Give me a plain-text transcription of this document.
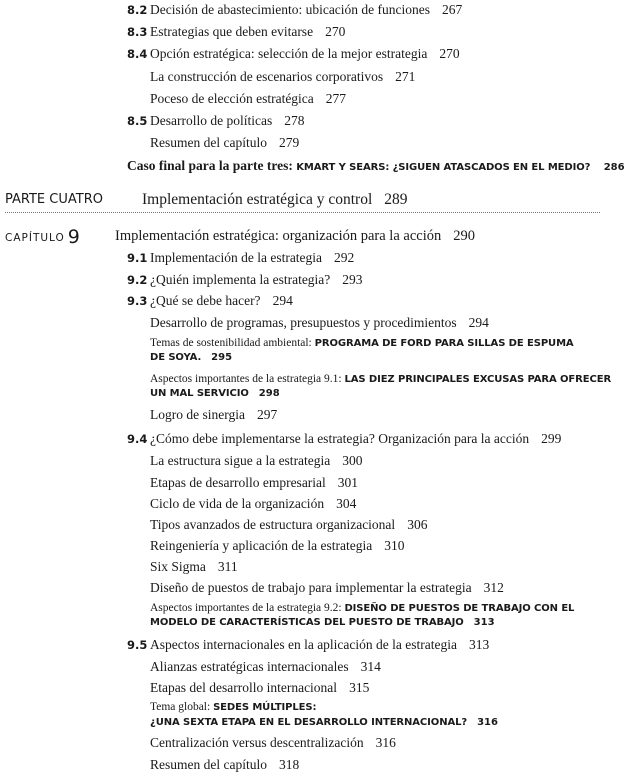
8.2 Decisión de abastecimiento: ubicación de funciones 267
8.3 Estrategias que deben evitarse 270
8.4 Opción estratégica: selección de la mejor estrategia 270
La construcción de escenarios corporativos 271
Poceso de elección estratégica 277
8.5 Desarrollo de políticas 278
Resumen del capítulo 279
Caso final para la parte tres: KMART Y SEARS: ¿SIGUEN ATASCADOS EN EL MEDIO? 286
PARTE CUATRO	Implementación estratégica y control 289
CAPÍTULO 9 Implementación estratégica: organización para la acción 290
9.1 Implementación de la estrategia 292
9.2 ¿Quién implementa la estrategia? 293
9.3 ¿Qué se debe hacer? 294
Desarrollo de programas, presupuestos y procedimientos 294
Temas de sostenibilidad ambiental: PROGRAMA DE FORD PARA SILLAS DE ESPUMA
DE SOYA. 295
Aspectos importantes de la estrategia 9.1: LAS DIEZ PRINCIPALES EXCUSAS PARA OFRECER
UN MAL SERVICIO 298
Logro de sinergia 297
9.4 ¿Cómo debe implementarse la estrategia? Organización para la acción 299
La estructura sigue a la estrategia 300
Etapas de desarrollo empresarial 301
Ciclo de vida de la organización 304
Tipos avanzados de estructura organizacional 306
Reingeniería y aplicación de la estrategia 310
Six Sigma 311
Diseño de puestos de trabajo para implementar la estrategia 312
Aspectos importantes de la estrategia 9.2: DISEÑO DE PUESTOS DE TRABAJO CON EL
MODELO DE CARACTERÍSTICAS DEL PUESTO DE TRABAJO 313
9.5 Aspectos internacionales en la aplicación de la estrategia 313
Alianzas estratégicas internacionales 314
Etapas del desarrollo internacional 315
Tema global: SEDES MÚLTIPLES:
¿UNA SEXTA ETAPA EN EL DESARROLLO INTERNACIONAL? 316
Centralización versus descentralización 316
Resumen del capítulo 318
